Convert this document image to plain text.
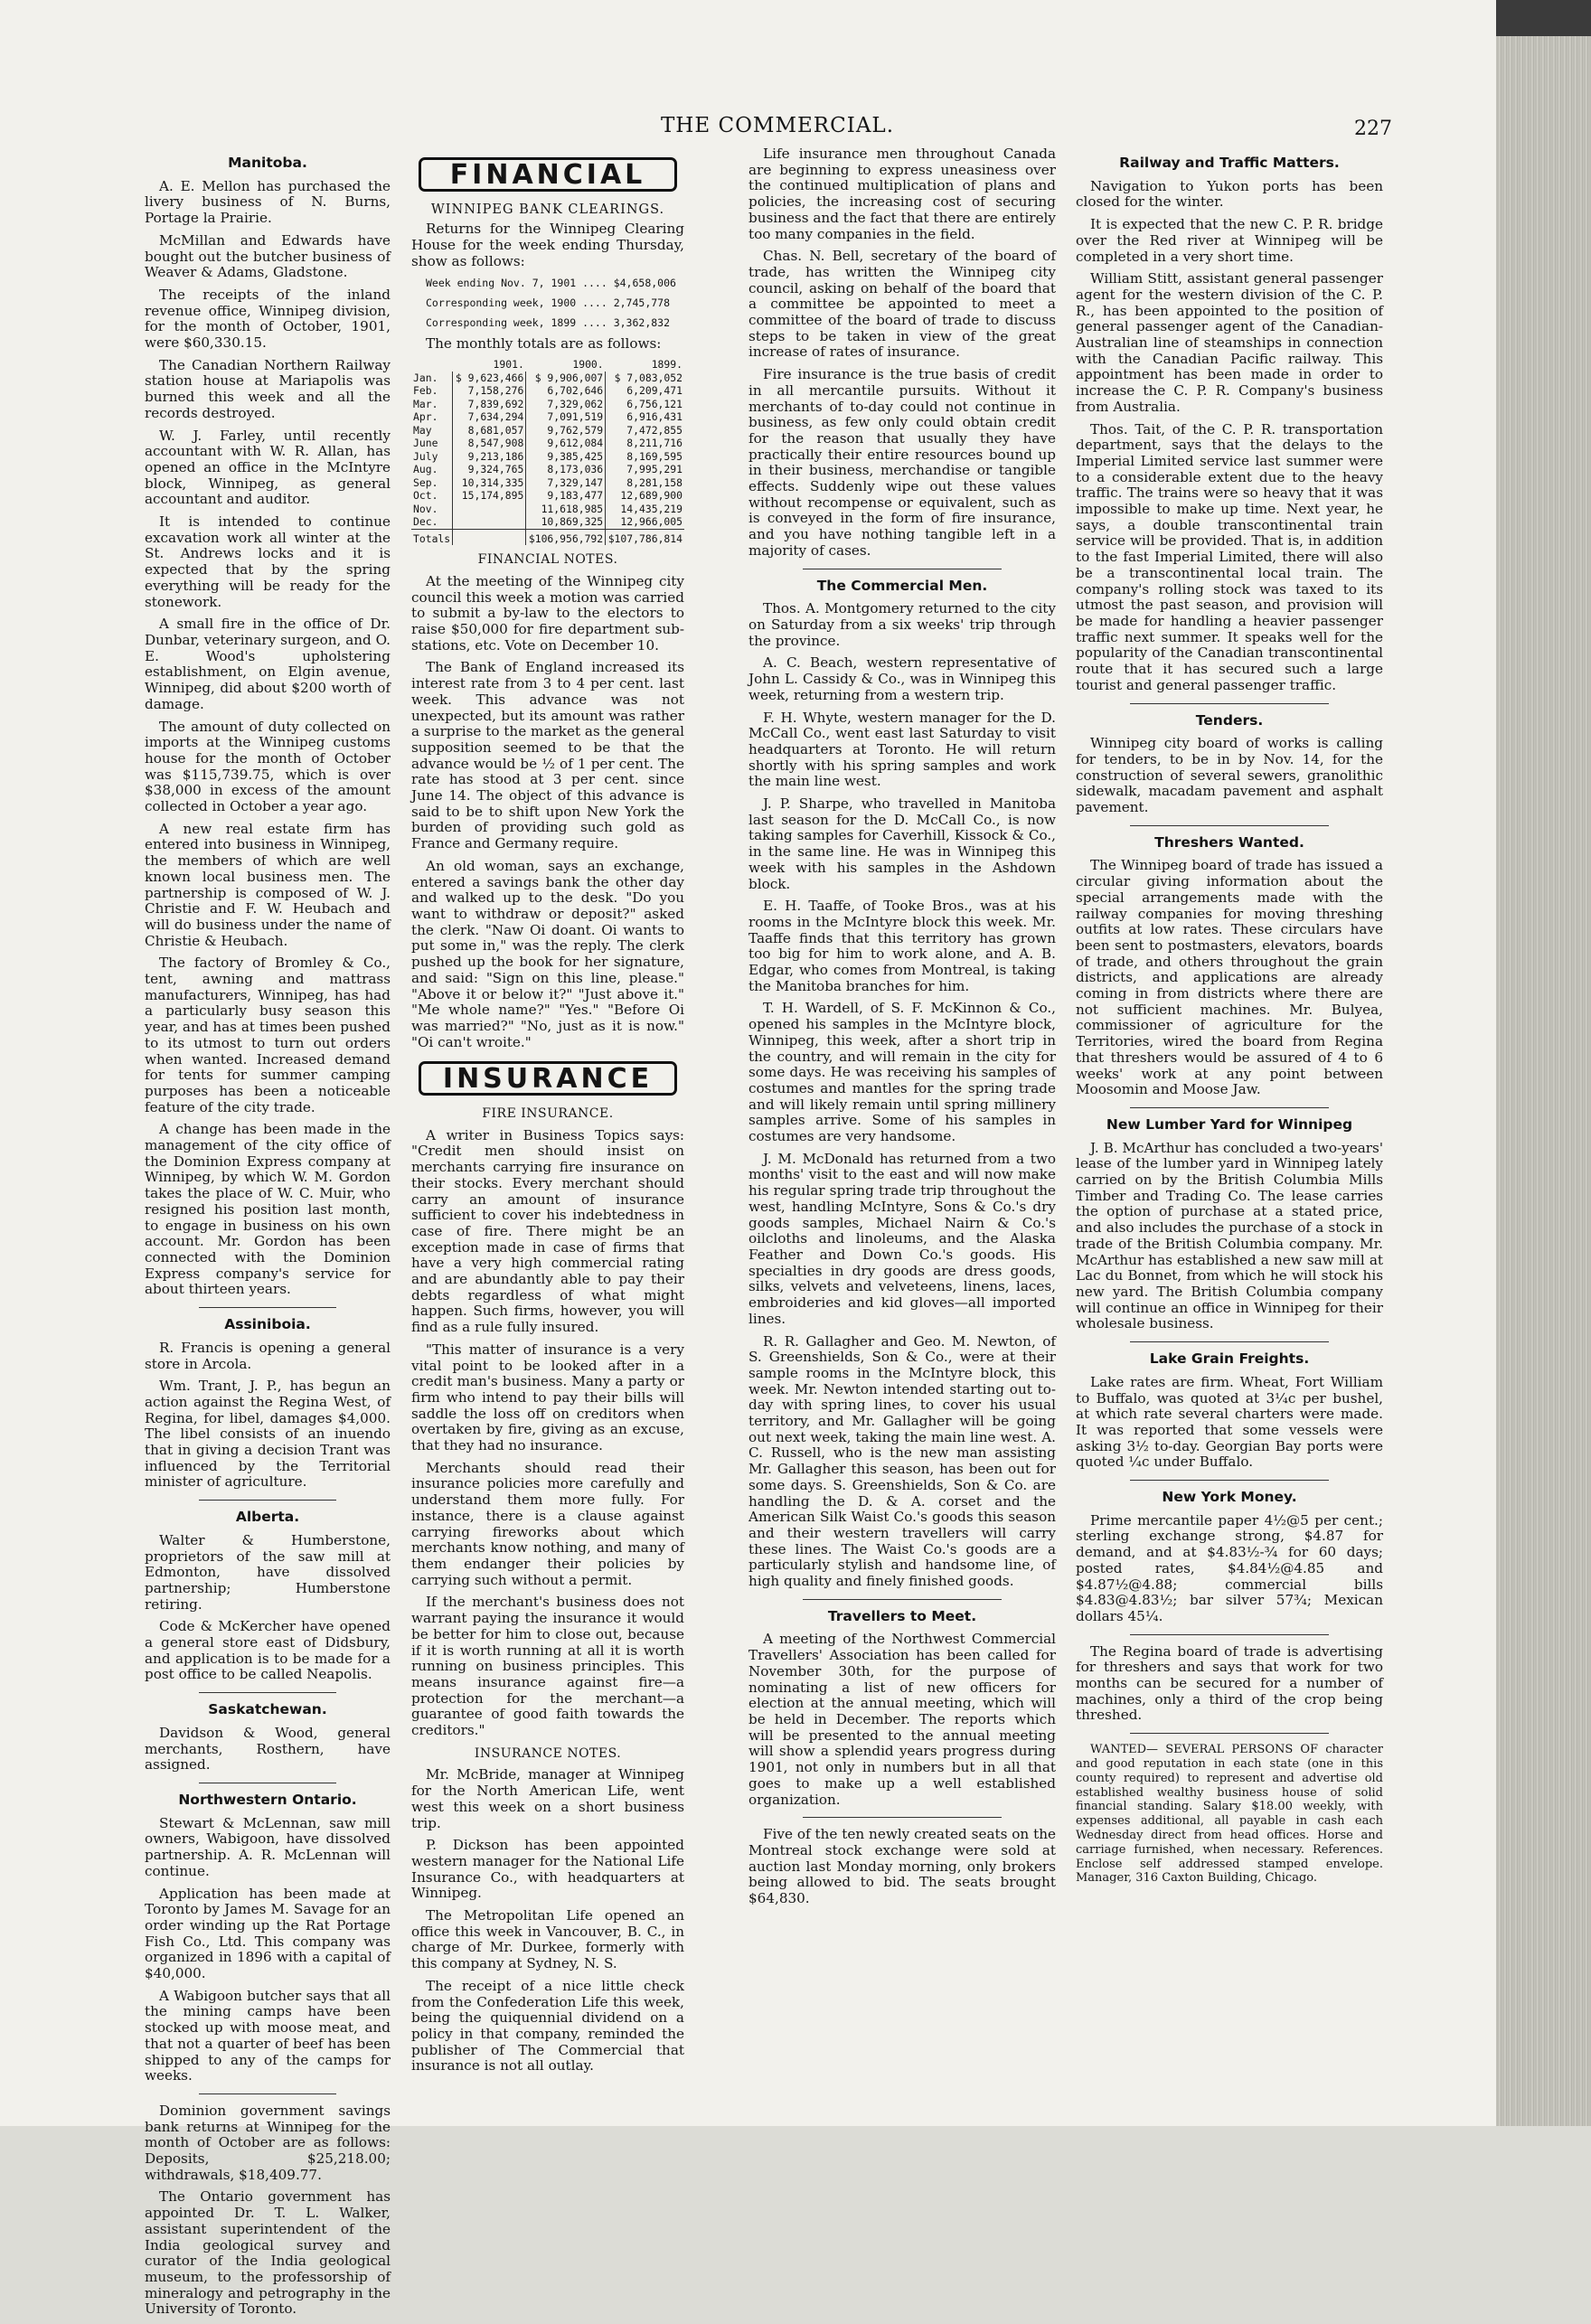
THE COMMERCIAL.	227
Manitoba.

A. E. Mellon has purchased the livery business of N. Burns, Portage la Prairie.

McMillan and Edwards have bought out the butcher business of Weaver & Adams, Gladstone.

The receipts of the inland revenue office, Winnipeg division, for the month of October, 1901, were $60,330.15.

The Canadian Northern Railway station house at Mariapolis was burned this week and all the records destroyed.

W. J. Farley, until recently accountant with W. R. Allan, has opened an office in the McIntyre block, Winnipeg, as general accountant and auditor.

It is intended to continue excavation work all winter at the St. Andrews locks and it is expected that by the spring everything will be ready for the stonework.

A small fire in the office of Dr. Dunbar, veterinary surgeon, and O. E. Wood's upholstering establishment, on Elgin avenue, Winnipeg, did about $200 worth of damage.

The amount of duty collected on imports at the Winnipeg customs house for the month of October was $115,739.75, which is over $38,000 in excess of the amount collected in October a year ago.

A new real estate firm has entered into business in Winnipeg, the members of which are well known local business men. The partnership is composed of W. J. Christie and F. W. Heubach and will do business under the name of Christie & Heubach.

The factory of Bromley & Co., tent, awning and mattrass manufacturers, Winnipeg, has had a particularly busy season this year, and has at times been pushed to its utmost to turn out orders when wanted. Increased demand for tents for summer camping purposes has been a noticeable feature of the city trade.

A change has been made in the management of the city office of the Dominion Express company at Winnipeg, by which W. M. Gordon takes the place of W. C. Muir, who resigned his position last month, to engage in business on his own account. Mr. Gordon has been connected with the Dominion Express company's service for about thirteen years.

Assiniboia.

R. Francis is opening a general store in Arcola.

Wm. Trant, J. P., has begun an action against the Regina West, of Regina, for libel, damages $4,000. The libel consists of an inuendo that in giving a decision Trant was influenced by the Territorial minister of agriculture.

Alberta.

Walter & Humberstone, proprietors of the saw mill at Edmonton, have dissolved partnership; Humberstone retiring.

Code & McKercher have opened a general store east of Didsbury, and application is to be made for a post office to be called Neapolis.

Saskatchewan.

Davidson & Wood, general merchants, Rosthern, have assigned.

Northwestern Ontario.

Stewart & McLennan, saw mill owners, Wabigoon, have dissolved partnership. A. R. McLennan will continue.

Application has been made at Toronto by James M. Savage for an order winding up the Rat Portage Fish Co., Ltd. This company was organized in 1896 with a capital of $40,000.

A Wabigoon butcher says that all the mining camps have been stocked up with moose meat, and that not a quarter of beef has been shipped to any of the camps for weeks.

Dominion government savings bank returns at Winnipeg for the month of October are as follows: Deposits, $25,218.00; withdrawals, $18,409.77.

The Ontario government has appointed Dr. T. L. Walker, assistant superintendent of the India geological survey and curator of the India geological museum, to the professorship of mineralogy and petrography in the University of Toronto.

FINANCIAL
WINNIPEG BANK CLEARINGS.

Returns for the Winnipeg Clearing House for the week ending Thursday, show as follows:

Week ending Nov. 7, 1901 .... $4,658,006

Corresponding week, 1900 .... 2,745,778

Corresponding week, 1899 .... 3,362,832

The monthly totals are as follows:

	1901.	1900.	1899.
Jan.	$ 9,623,466	$ 9,906,007	$ 7,083,052
Feb.	7,158,276	6,702,646	6,209,471
Mar.	7,839,692	7,329,062	6,756,121
Apr.	7,634,294	7,091,519	6,916,431
May	8,681,057	9,762,579	7,472,855
June	8,547,908	9,612,084	8,211,716
July	9,213,186	9,385,425	8,169,595
Aug.	9,324,765	8,173,036	7,995,291
Sep.	10,314,335	7,329,147	8,281,158
Oct.	15,174,895	9,183,477	12,689,900
Nov.		11,618,985	14,435,219
Dec.		10,869,325	12,966,005
Totals		$106,956,792	$107,786,814
FINANCIAL NOTES.

At the meeting of the Winnipeg city council this week a motion was carried to submit a by-law to the electors to raise $50,000 for fire department sub-stations, etc. Vote on December 10.

The Bank of England increased its interest rate from 3 to 4 per cent. last week. This advance was not unexpected, but its amount was rather a surprise to the market as the general supposition seemed to be that the advance would be ½ of 1 per cent. The rate has stood at 3 per cent. since June 14. The object of this advance is said to be to shift upon New York the burden of providing such gold as France and Germany require.

An old woman, says an exchange, entered a savings bank the other day and walked up to the desk. "Do you want to withdraw or deposit?" asked the clerk. "Naw Oi doant. Oi wants to put some in," was the reply. The clerk pushed up the book for her signature, and said: "Sign on this line, please." "Above it or below it?" "Just above it." "Me whole name?" "Yes." "Before Oi was married?" "No, just as it is now." "Oi can't wroite."

INSURANCE
FIRE INSURANCE.

A writer in Business Topics says: "Credit men should insist on merchants carrying fire insurance on their stocks. Every merchant should carry an amount of insurance sufficient to cover his indebtedness in case of fire. There might be an exception made in case of firms that have a very high commercial rating and are abundantly able to pay their debts regardless of what might happen. Such firms, however, you will find as a rule fully insured.

"This matter of insurance is a very vital point to be looked after in a credit man's business. Many a party or firm who intend to pay their bills will saddle the loss off on creditors when overtaken by fire, giving as an excuse, that they had no insurance.

Merchants should read their insurance policies more carefully and understand them more fully. For instance, there is a clause against carrying fireworks about which merchants know nothing, and many of them endanger their policies by carrying such without a permit.

If the merchant's business does not warrant paying the insurance it would be better for him to close out, because if it is worth running at all it is worth running on business principles. This means insurance against fire—a protection for the merchant—a guarantee of good faith towards the creditors."

INSURANCE NOTES.

Mr. McBride, manager at Winnipeg for the North American Life, went west this week on a short business trip.

P. Dickson has been appointed western manager for the National Life Insurance Co., with headquarters at Winnipeg.

The Metropolitan Life opened an office this week in Vancouver, B. C., in charge of Mr. Durkee, formerly with this company at Sydney, N. S.

The receipt of a nice little check from the Confederation Life this week, being the quiquennial dividend on a policy in that company, reminded the publisher of The Commercial that insurance is not all outlay.

Life insurance men throughout Canada are beginning to express uneasiness over the continued multiplication of plans and policies, the increasing cost of securing business and the fact that there are entirely too many companies in the field.

Chas. N. Bell, secretary of the board of trade, has written the Winnipeg city council, asking on behalf of the board that a committee be appointed to meet a committee of the board of trade to discuss steps to be taken in view of the great increase of rates of insurance.

Fire insurance is the true basis of credit in all mercantile pursuits. Without it merchants of to-day could not continue in business, as few only could obtain credit for the reason that usually they have practically their entire resources bound up in their business, merchandise or tangible effects. Suddenly wipe out these values without recompense or equivalent, such as is conveyed in the form of fire insurance, and you have nothing tangible left in a majority of cases.

The Commercial Men.

Thos. A. Montgomery returned to the city on Saturday from a six weeks' trip through the province.

A. C. Beach, western representative of John L. Cassidy & Co., was in Winnipeg this week, returning from a western trip.

F. H. Whyte, western manager for the D. McCall Co., went east last Saturday to visit headquarters at Toronto. He will return shortly with his spring samples and work the main line west.

J. P. Sharpe, who travelled in Manitoba last season for the D. McCall Co., is now taking samples for Caverhill, Kissock & Co., in the same line. He was in Winnipeg this week with his samples in the Ashdown block.

E. H. Taaffe, of Tooke Bros., was at his rooms in the McIntyre block this week. Mr. Taaffe finds that this territory has grown too big for him to work alone, and A. B. Edgar, who comes from Montreal, is taking the Manitoba branches for him.

T. H. Wardell, of S. F. McKinnon & Co., opened his samples in the McIntyre block, Winnipeg, this week, after a short trip in the country, and will remain in the city for some days. He was receiving his samples of costumes and mantles for the spring trade and will likely remain until spring millinery samples arrive. Some of his samples in costumes are very handsome.

J. M. McDonald has returned from a two months' visit to the east and will now make his regular spring trade trip throughout the west, handling McIntyre, Sons & Co.'s dry goods samples, Michael Nairn & Co.'s oilcloths and linoleums, and the Alaska Feather and Down Co.'s goods. His specialties in dry goods are dress goods, silks, velvets and velveteens, linens, laces, embroideries and kid gloves—all imported lines.

R. R. Gallagher and Geo. M. Newton, of S. Greenshields, Son & Co., were at their sample rooms in the McIntyre block, this week. Mr. Newton intended starting out to-day with spring lines, to cover his usual territory, and Mr. Gallagher will be going out next week, taking the main line west. A. C. Russell, who is the new man assisting Mr. Gallagher this season, has been out for some days. S. Greenshields, Son & Co. are handling the D. & A. corset and the American Silk Waist Co.'s goods this season and their western travellers will carry these lines. The Waist Co.'s goods are a particularly stylish and handsome line, of high quality and finely finished goods.

Travellers to Meet.

A meeting of the Northwest Commercial Travellers' Association has been called for November 30th, for the purpose of nominating a list of new officers for election at the annual meeting, which will be held in December. The reports which will be presented to the annual meeting will show a splendid years progress during 1901, not only in numbers but in all that goes to make up a well established organization.

Five of the ten newly created seats on the Montreal stock exchange were sold at auction last Monday morning, only brokers being allowed to bid. The seats brought $64,830.

Railway and Traffic Matters.

Navigation to Yukon ports has been closed for the winter.

It is expected that the new C. P. R. bridge over the Red river at Winnipeg will be completed in a very short time.

William Stitt, assistant general passenger agent for the western division of the C. P. R., has been appointed to the position of general passenger agent of the Canadian-Australian line of steamships in connection with the Canadian Pacific railway. This appointment has been made in order to increase the C. P. R. Company's business from Australia.

Thos. Tait, of the C. P. R. transportation department, says that the delays to the Imperial Limited service last summer were to a considerable extent due to the heavy traffic. The trains were so heavy that it was impossible to make up time. Next year, he says, a double transcontinental train service will be provided. That is, in addition to the fast Imperial Limited, there will also be a transcontinental local train. The company's rolling stock was taxed to its utmost the past season, and provision will be made for handling a heavier passenger traffic next summer. It speaks well for the popularity of the Canadian transcontinental route that it has secured such a large tourist and general passenger traffic.

Tenders.

Winnipeg city board of works is calling for tenders, to be in by Nov. 14, for the construction of several sewers, granolithic sidewalk, macadam pavement and asphalt pavement.

Threshers Wanted.

The Winnipeg board of trade has issued a circular giving information about the special arrangements made with the railway companies for moving threshing outfits at low rates. These circulars have been sent to postmasters, elevators, boards of trade, and others throughout the grain districts, and applications are already coming in from districts where there are not sufficient machines. Mr. Bulyea, commissioner of agriculture for the Territories, wired the board from Regina that threshers would be assured of 4 to 6 weeks' work at any point between Moosomin and Moose Jaw.

New Lumber Yard for Winnipeg

J. B. McArthur has concluded a two-years' lease of the lumber yard in Winnipeg lately carried on by the British Columbia Mills Timber and Trading Co. The lease carries the option of purchase at a stated price, and also includes the purchase of a stock in trade of the British Columbia company. Mr. McArthur has established a new saw mill at Lac du Bonnet, from which he will stock his new yard. The British Columbia company will continue an office in Winnipeg for their wholesale business.

Lake Grain Freights.

Lake rates are firm. Wheat, Fort William to Buffalo, was quoted at 3¼c per bushel, at which rate several charters were made. It was reported that some vessels were asking 3½ to-day. Georgian Bay ports were quoted ¼c under Buffalo.

New York Money.

Prime mercantile paper 4½@5 per cent.; sterling exchange strong, $4.87 for demand, and at $4.83½-¾ for 60 days; posted rates, $4.84½@4.85 and $4.87½@4.88; commercial bills $4.83@4.83½; bar silver 57¾; Mexican dollars 45¼.

The Regina board of trade is advertising for threshers and says that work for two months can be secured for a number of machines, only a third of the crop being threshed.

WANTED— SEVERAL PERSONS OF character and good reputation in each state (one in this county required) to represent and advertise old established wealthy business house of solid financial standing. Salary $18.00 weekly, with expenses additional, all payable in cash each Wednesday direct from head offices. Horse and carriage furnished, when necessary. References. Enclose self addressed stamped envelope. Manager, 316 Caxton Building, Chicago.
